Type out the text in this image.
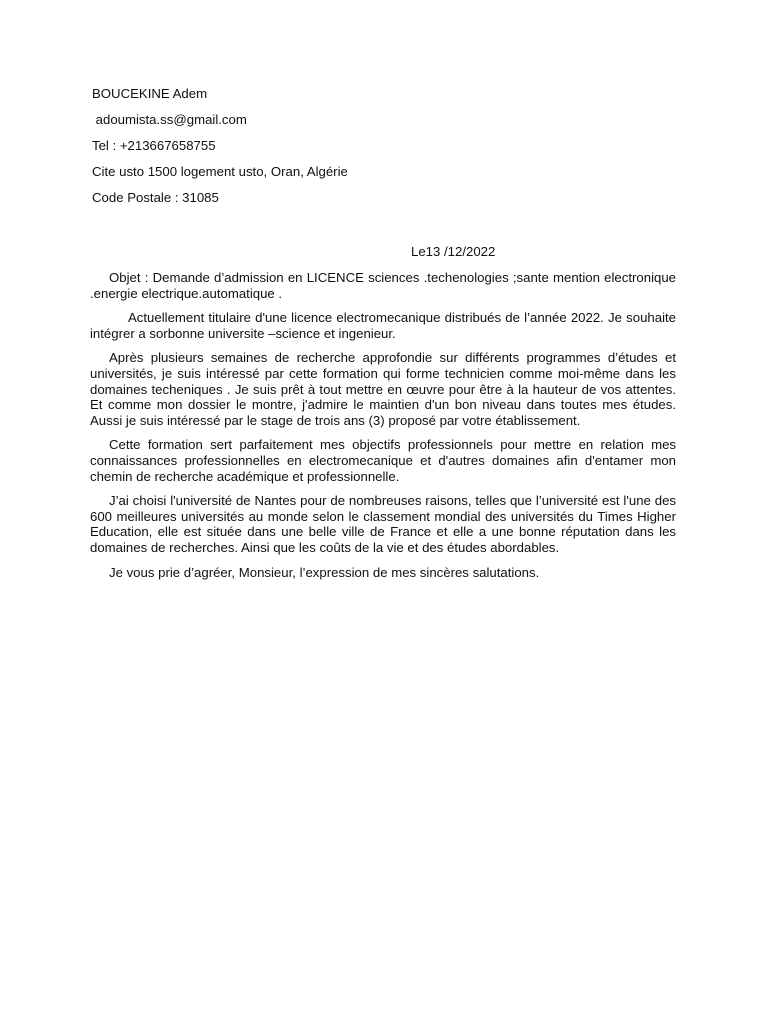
BOUCEKINE Adem

adoumista.ss@gmail.com

Tel : +213667658755

Cite usto 1500 logement usto, Oran, Algérie

Code Postale : 31085

Le13 /12/2022

Objet : Demande d’admission en LICENCE sciences .techenologies ;sante mention electronique .energie electrique.automatique .

Actuellement titulaire d'une licence electromecanique distribués de l’année 2022. Je souhaite intégrer a sorbonne universite –science et ingenieur.

Après plusieurs semaines de recherche approfondie sur différents programmes d’études et universités, je suis intéressé par cette formation qui forme technicien comme moi-même dans les domaines techeniques . Je suis prêt à tout mettre en œuvre pour être à la hauteur de vos attentes. Et comme mon dossier le montre, j'admire le maintien d'un bon niveau dans toutes mes études. Aussi je suis intéressé par le stage de trois ans (3) proposé par votre établissement.

Cette formation sert parfaitement mes objectifs professionnels pour mettre en relation mes connaissances professionnelles en electromecanique et d'autres domaines afin d'entamer mon chemin de recherche académique et professionnelle.

J’ai choisi l'université de Nantes pour de nombreuses raisons, telles que l’université est l'une des 600 meilleures universités au monde selon le classement mondial des universités du Times Higher Education, elle est située dans une belle ville de France et elle a une bonne réputation dans les domaines de recherches. Ainsi que les coûts de la vie et des études abordables.

Je vous prie d’agréer, Monsieur, l’expression de mes sincères salutations.
